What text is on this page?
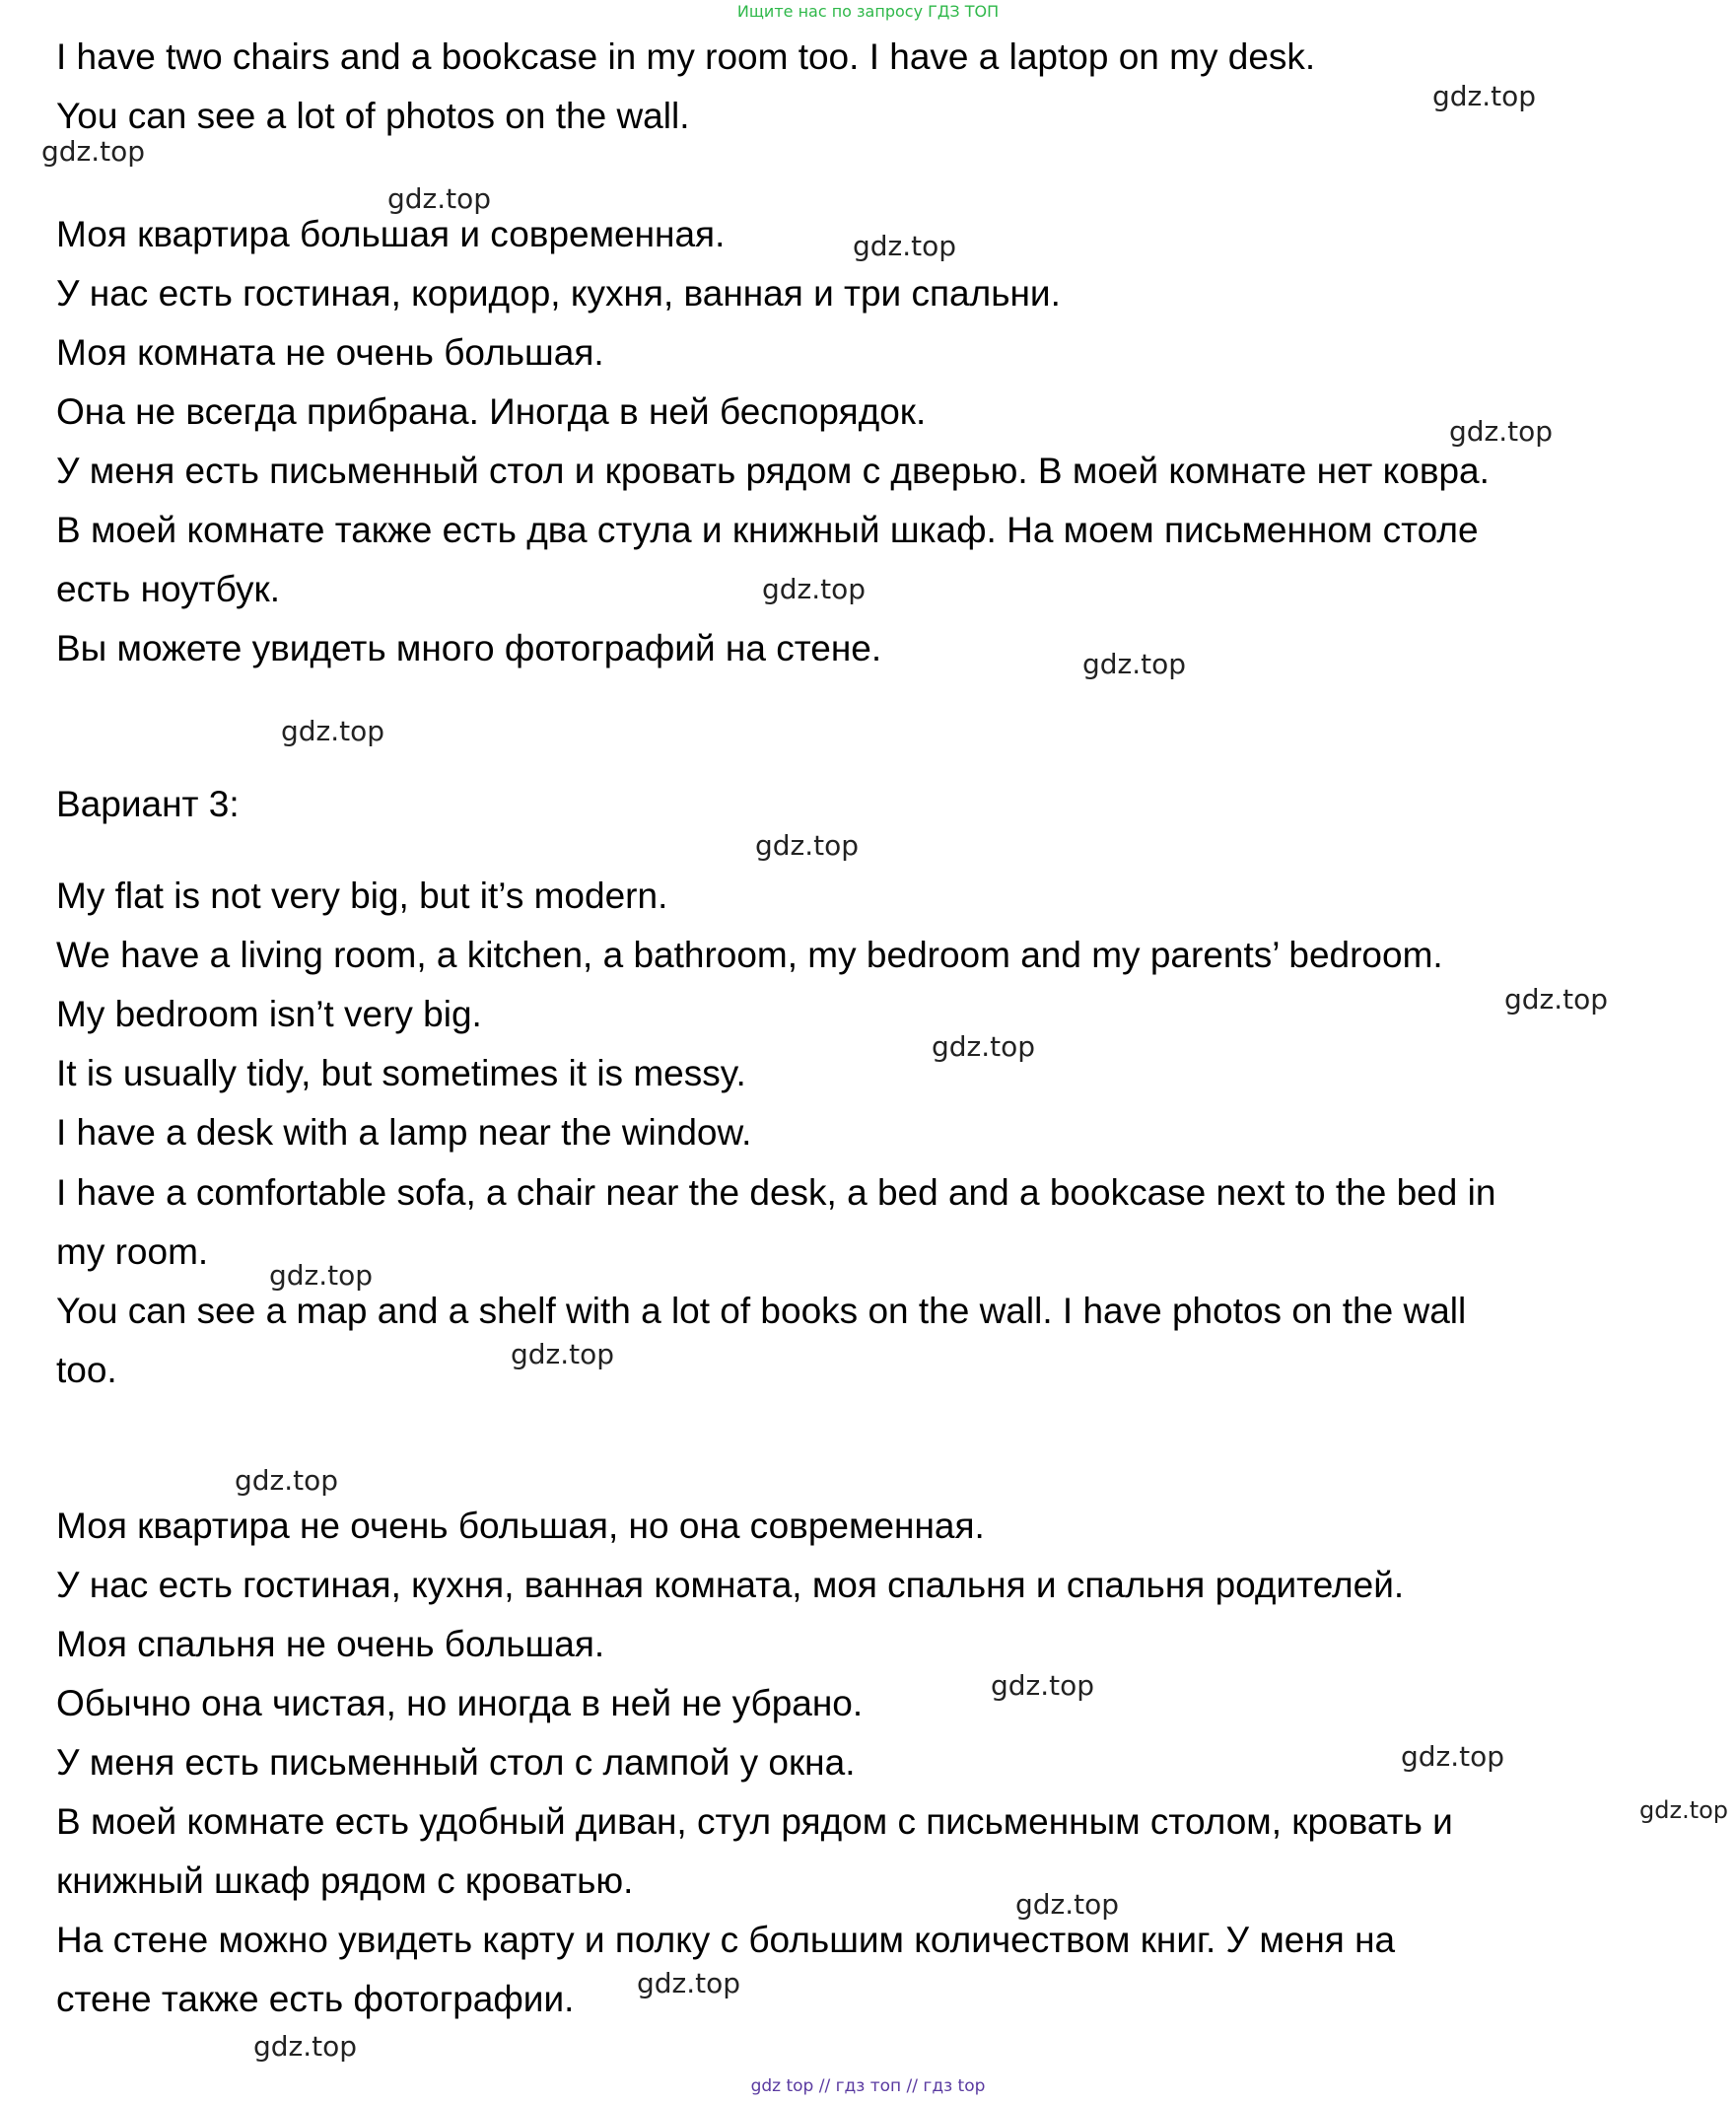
Ищите нас по запросу ГДЗ ТОП

I have two chairs and a bookcase in my room too. I have a laptop on my desk.

You can see a lot of photos on the wall.

Моя квартира большая и современная.

У нас есть гостиная, коридор, кухня, ванная и три спальни.

Моя комната не очень большая.

Она не всегда прибрана. Иногда в ней беспорядок.

У меня есть письменный стол и кровать рядом с дверью. В моей комнате нет ковра.

В моей комнате также есть два стула и книжный шкаф. На моем письменном столе

есть ноутбук.

Вы можете увидеть много фотографий на стене.

Вариант 3:

My flat is not very big, but it’s modern.

We have a living room, a kitchen, a bathroom, my bedroom and my parents’ bedroom.

My bedroom isn’t very big.

It is usually tidy, but sometimes it is messy.

I have a desk with a lamp near the window.

I have a comfortable sofa, a chair near the desk, a bed and a bookcase next to the bed in

my room.

You can see a map and a shelf with a lot of books on the wall. I have photos on the wall

too.

Моя квартира не очень большая, но она современная.

У нас есть гостиная, кухня, ванная комната, моя спальня и спальня родителей.

Моя спальня не очень большая.

Обычно она чистая, но иногда в ней не убрано.

У меня есть письменный стол с лампой у окна.

В моей комнате есть удобный диван, стул рядом с письменным столом, кровать и

книжный шкаф рядом с кроватью.

На стене можно увидеть карту и полку с большим количеством книг. У меня на

стене также есть фотографии.

gdz.top
gdz.top
gdz.top
gdz.top
gdz.top
gdz.top
gdz.top
gdz.top
gdz.top
gdz.top
gdz.top
gdz.top
gdz.top
gdz.top
gdz.top
gdz.top
gdz.top
gdz.top
gdz.top
gdz.top
gdz top // гдз топ // гдз top
